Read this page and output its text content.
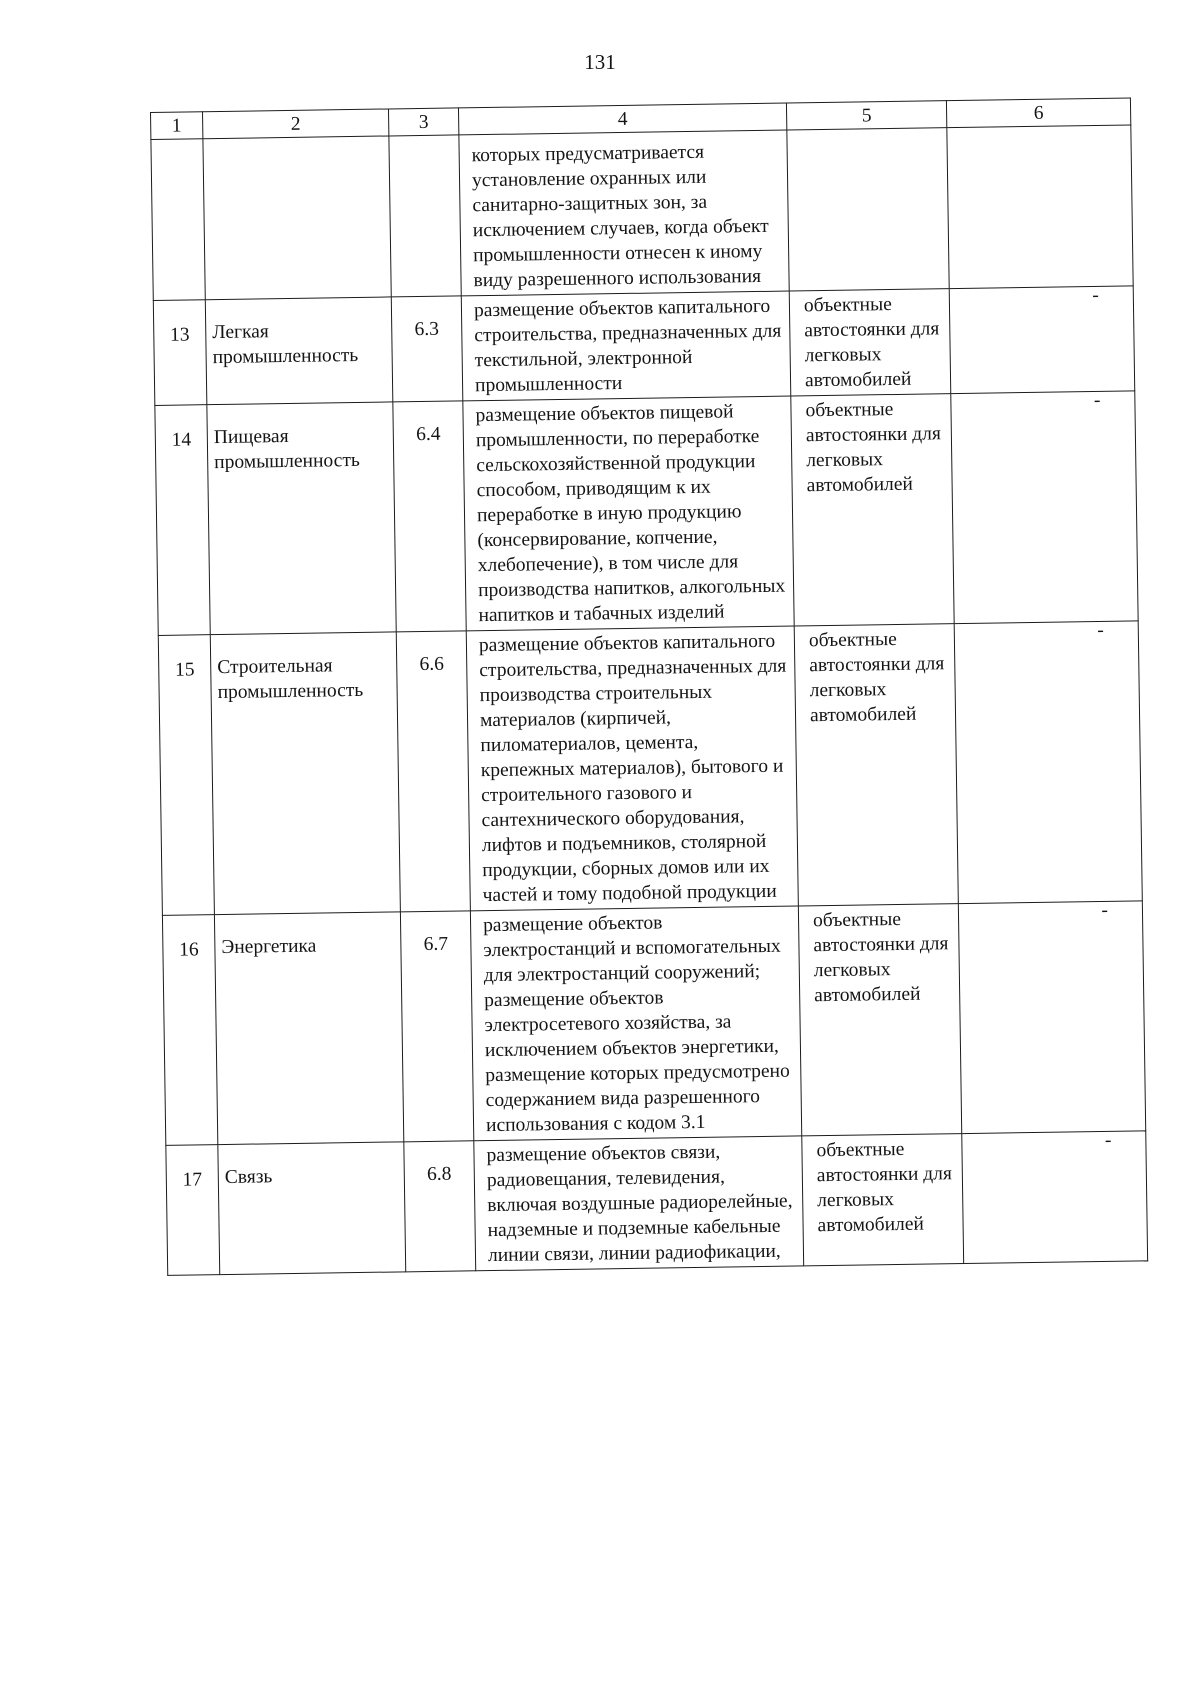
131
1	2	3	4	5	6
			которых предусматривается установление охранных или санитарно-защитных зон, за исключением случаев, когда объект промышленности отнесен к иному виду разрешенного использования		
13	Легкая промышленность	6.3	размещение объектов капитального строительства, предназначенных для текстильной, электронной промышленности	объектные автостоянки для легковых автомобилей	-
14	Пищевая промышленность	6.4	размещение объектов пищевой промышленности, по переработке сельскохозяйственной продукции способом, приводящим к их переработке в иную продукцию (консервирование, копчение, хлебопечение), в том числе для производства напитков, алкогольных напитков и табачных изделий	объектные автостоянки для легковых автомобилей	-
15	Строительная промышленность	6.6	размещение объектов капитального строительства, предназначенных для производства строительных материалов (кирпичей, пиломатериалов, цемента, крепежных материалов), бытового и строительного газового и сантехнического оборудования, лифтов и подъемников, столярной продукции, сборных домов или их частей и тому подобной продукции	объектные автостоянки для легковых автомобилей	-
16	Энергетика	6.7	размещение объектов электростанций и вспомогательных для электростанций сооружений; размещение объектов электросетевого хозяйства, за исключением объектов энергетики, размещение которых предусмотрено содержанием вида разрешенного использования с кодом 3.1	объектные автостоянки для легковых автомобилей	-
17	Связь	6.8	размещение объектов связи, радиовещания, телевидения, включая воздушные радиорелейные, надземные и подземные кабельные линии связи, линии радиофикации,	объектные автостоянки для легковых автомобилей	-
